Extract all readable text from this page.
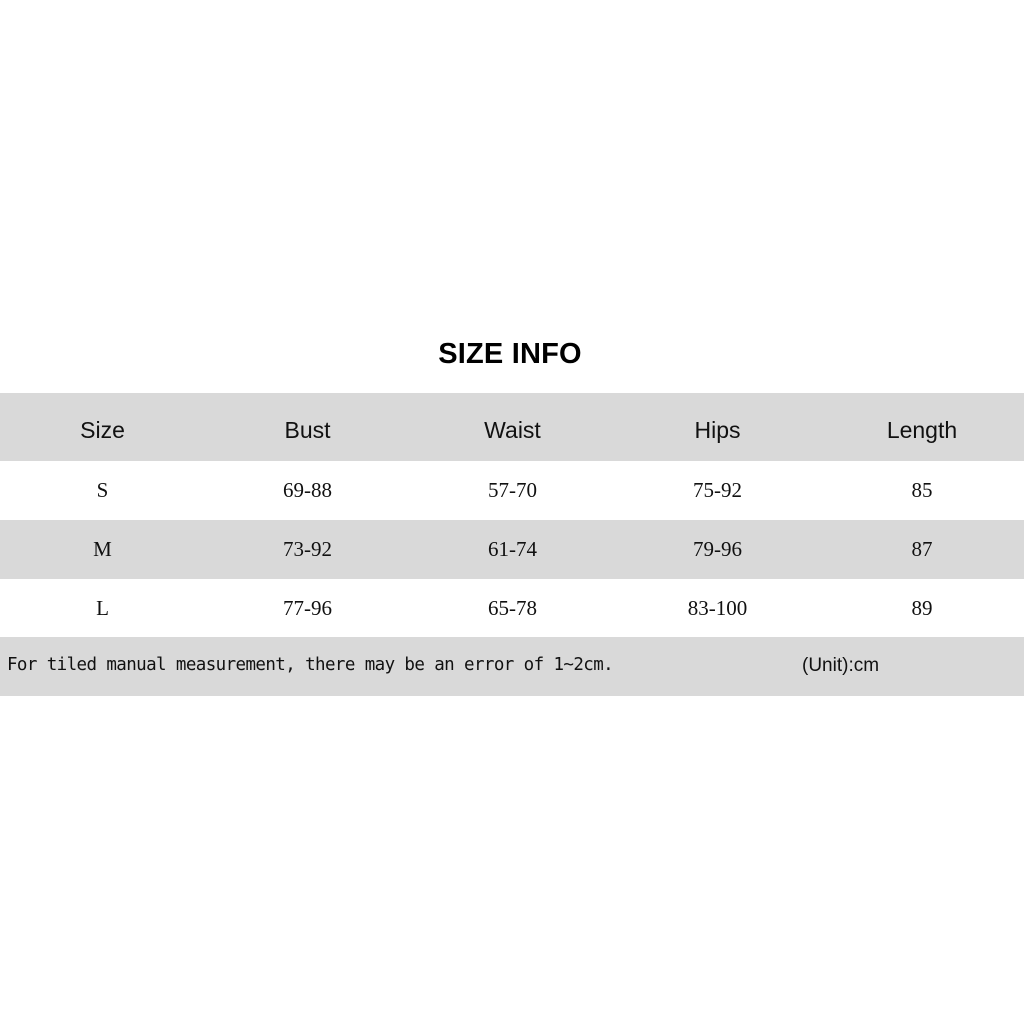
SIZE INFO
Size	Bust	Waist	Hips	Length
S	69-88	57-70	75-92	85
M	73-92	61-74	79-96	87
L	77-96	65-78	83-100	89
For tiled manual measurement, there may be an error of 1~2cm.	(Unit):cm
